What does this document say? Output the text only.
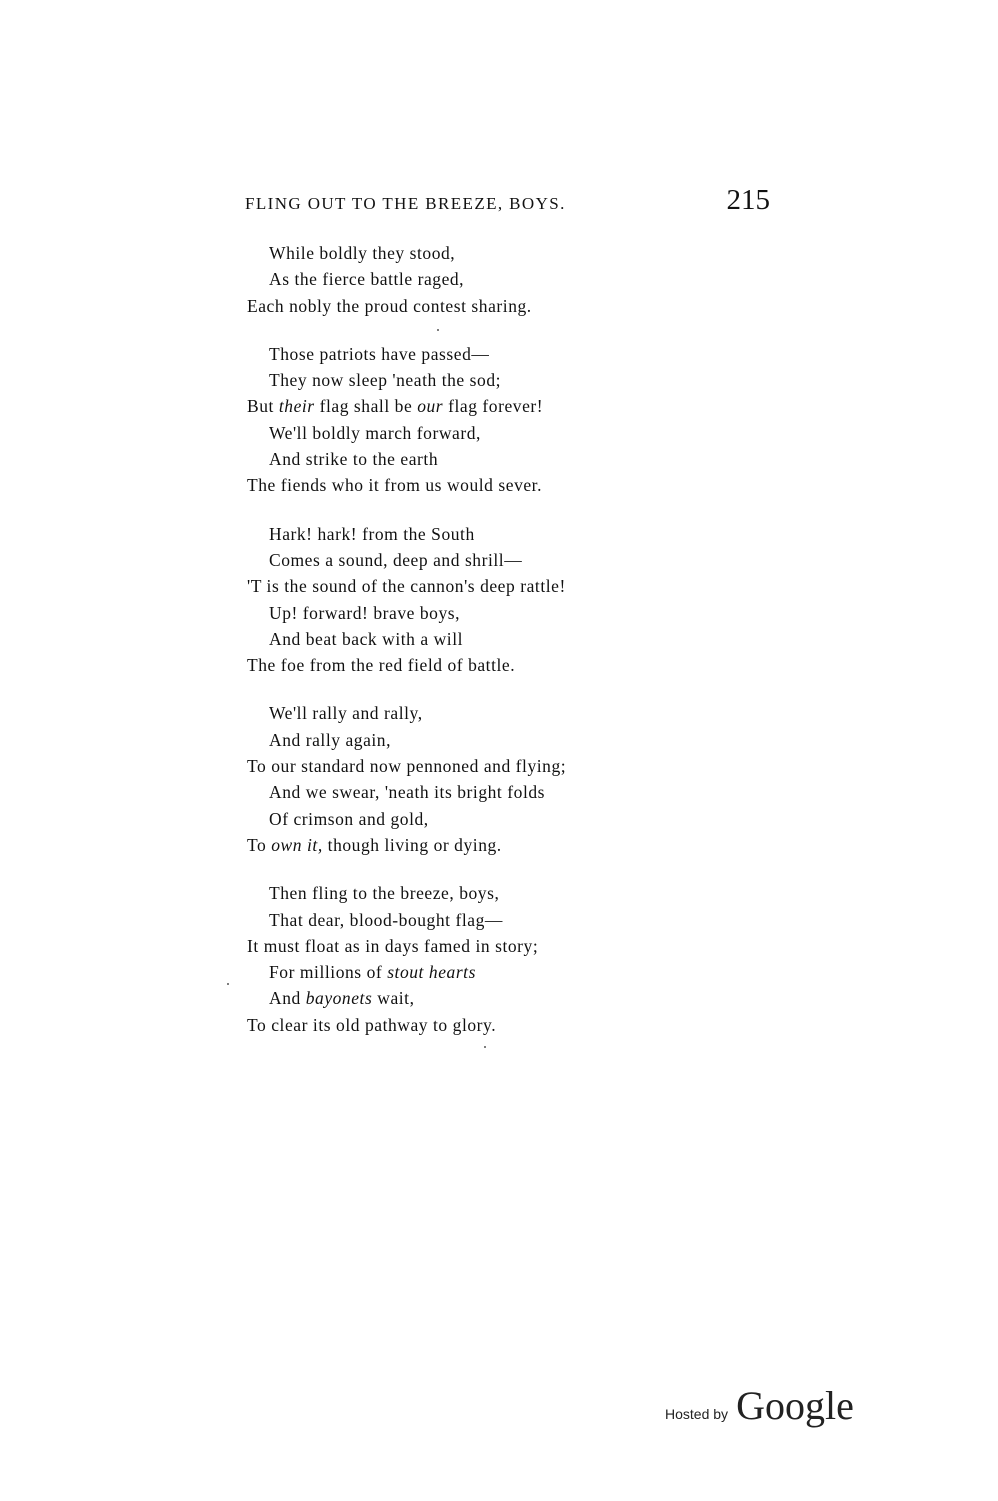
FLING OUT TO THE BREEZE, BOYS.	215
While boldly they stood,
As the fierce battle raged,
Each nobly the proud contest sharing.
Those patriots have passed—
They now sleep 'neath the sod;
But their flag shall be our flag forever!
We'll boldly march forward,
And strike to the earth
The fiends who it from us would sever.
Hark! hark! from the South
Comes a sound, deep and shrill—
'T is the sound of the cannon's deep rattle!
Up! forward! brave boys,
And beat back with a will
The foe from the red field of battle.
We'll rally and rally,
And rally again,
To our standard now pennoned and flying;
And we swear, 'neath its bright folds
Of crimson and gold,
To own it, though living or dying.
Then fling to the breeze, boys,
That dear, blood-bought flag—
It must float as in days famed in story;
For millions of stout hearts
And bayonets wait,
To clear its old pathway to glory.
Hosted by Google
